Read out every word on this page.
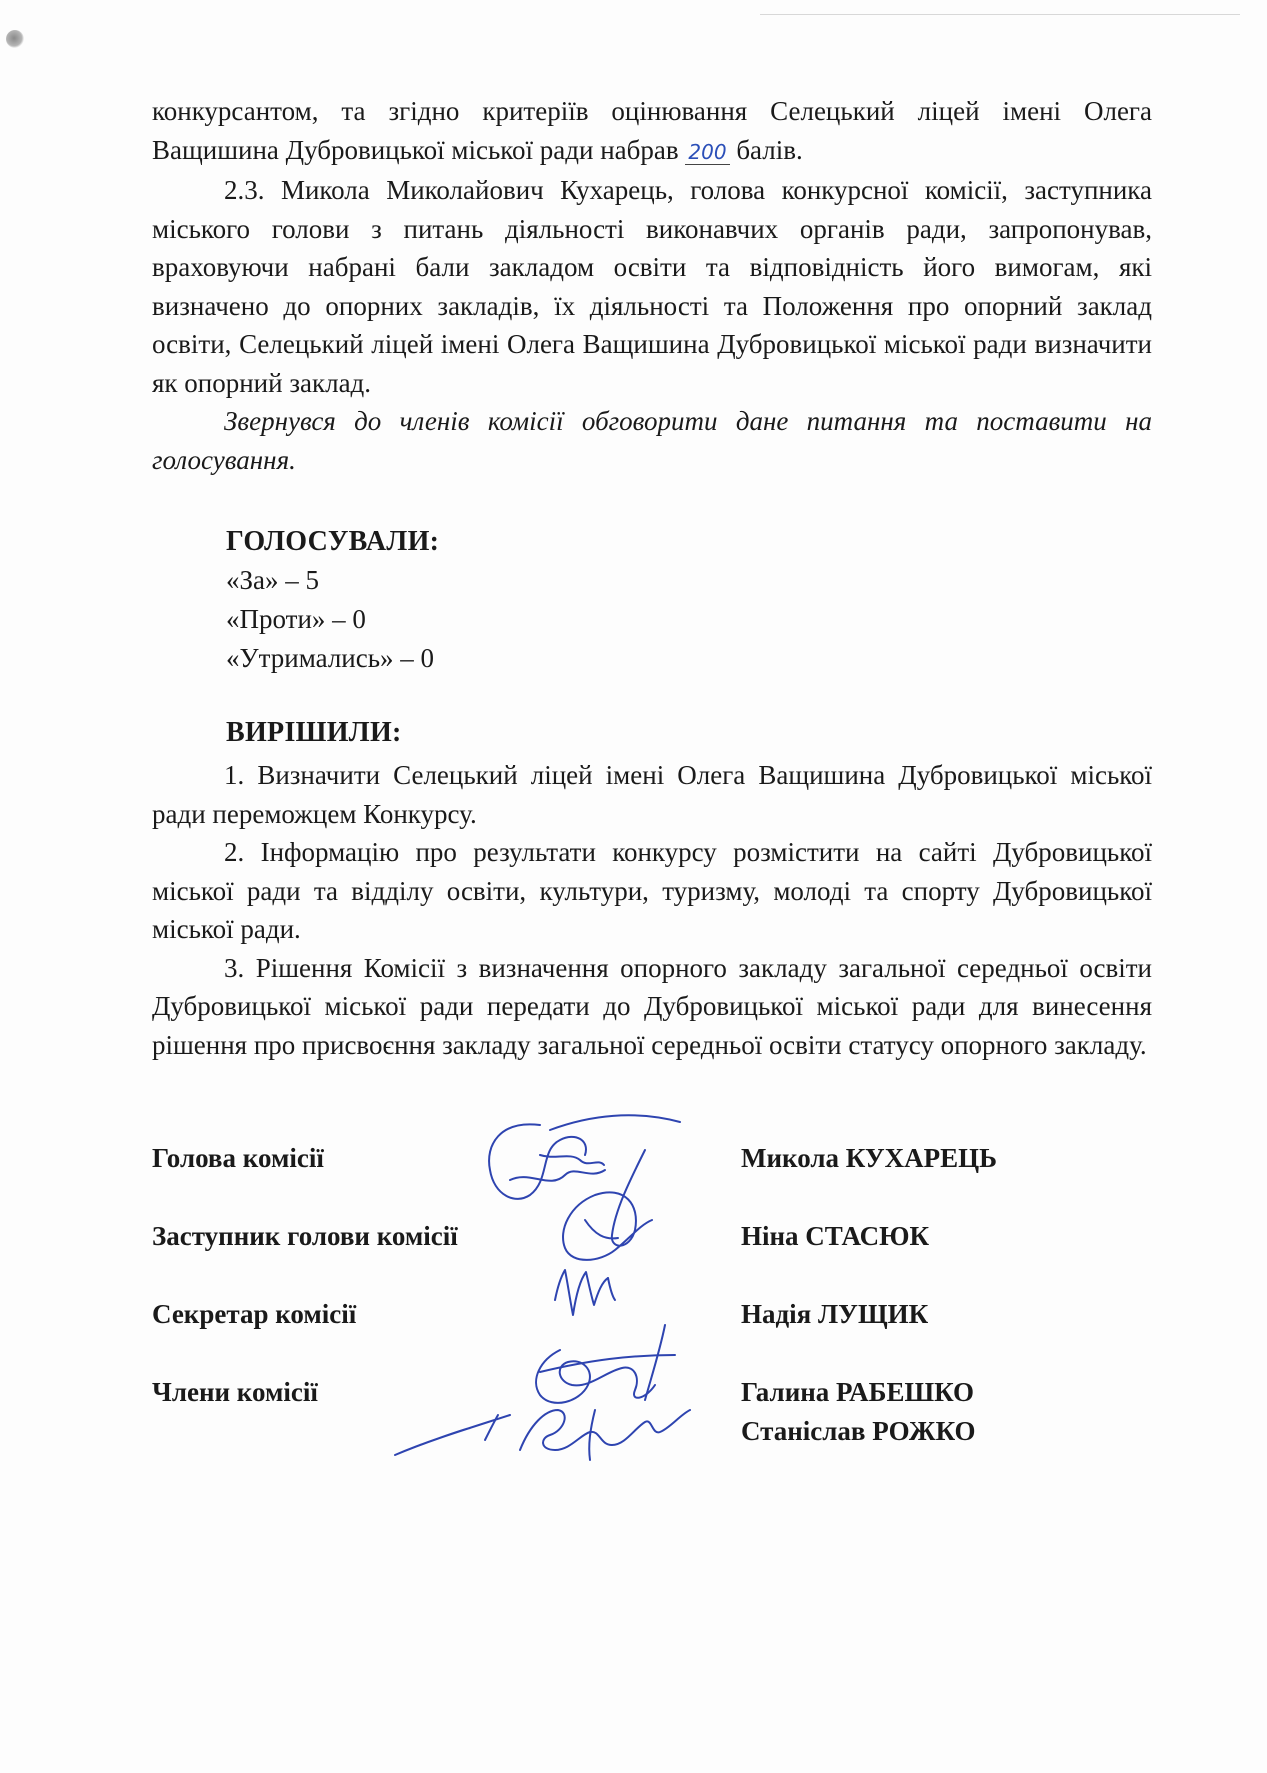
конкурсантом, та згідно критеріїв оцінювання Селецький ліцей імені Олега Ващишина Дубровицької міської ради набрав 200 балів.

2.3. Микола Миколайович Кухарець, голова конкурсної комісії, заступника міського голови з питань діяльності виконавчих органів ради, запропонував, враховуючи набрані бали закладом освіти та відповідність його вимогам, які визначено до опорних закладів, їх діяльності та Положення про опорний заклад освіти, Селецький ліцей імені Олега Ващишина Дубровицької міської ради визначити як опорний заклад.

Звернувся до членів комісії обговорити дане питання та поставити на голосування.

ГОЛОСУВАЛИ:
«За» – 5
«Проти» – 0
«Утримались» – 0
ВИРІШИЛИ:

1. Визначити Селецький ліцей імені Олега Ващишина Дубровицької міської ради переможцем Конкурсу.

2. Інформацію про результати конкурсу розмістити на сайті Дубровицької міської ради та відділу освіти, культури, туризму, молоді та спорту Дубровицької міської ради.

3. Рішення Комісії з визначення опорного закладу загальної середньої освіти Дубровицької міської ради передати до Дубровицької міської ради для винесення рішення про присвоєння закладу загальної середньої освіти статусу опорного закладу.

Голова комісії	Микола КУХАРЕЦЬ
Заступник голови комісії	Ніна СТАСЮК
Секретар комісії	Надія ЛУЩИК
Члени комісії	Галина РАБЕШКО
Станіслав РОЖКО
